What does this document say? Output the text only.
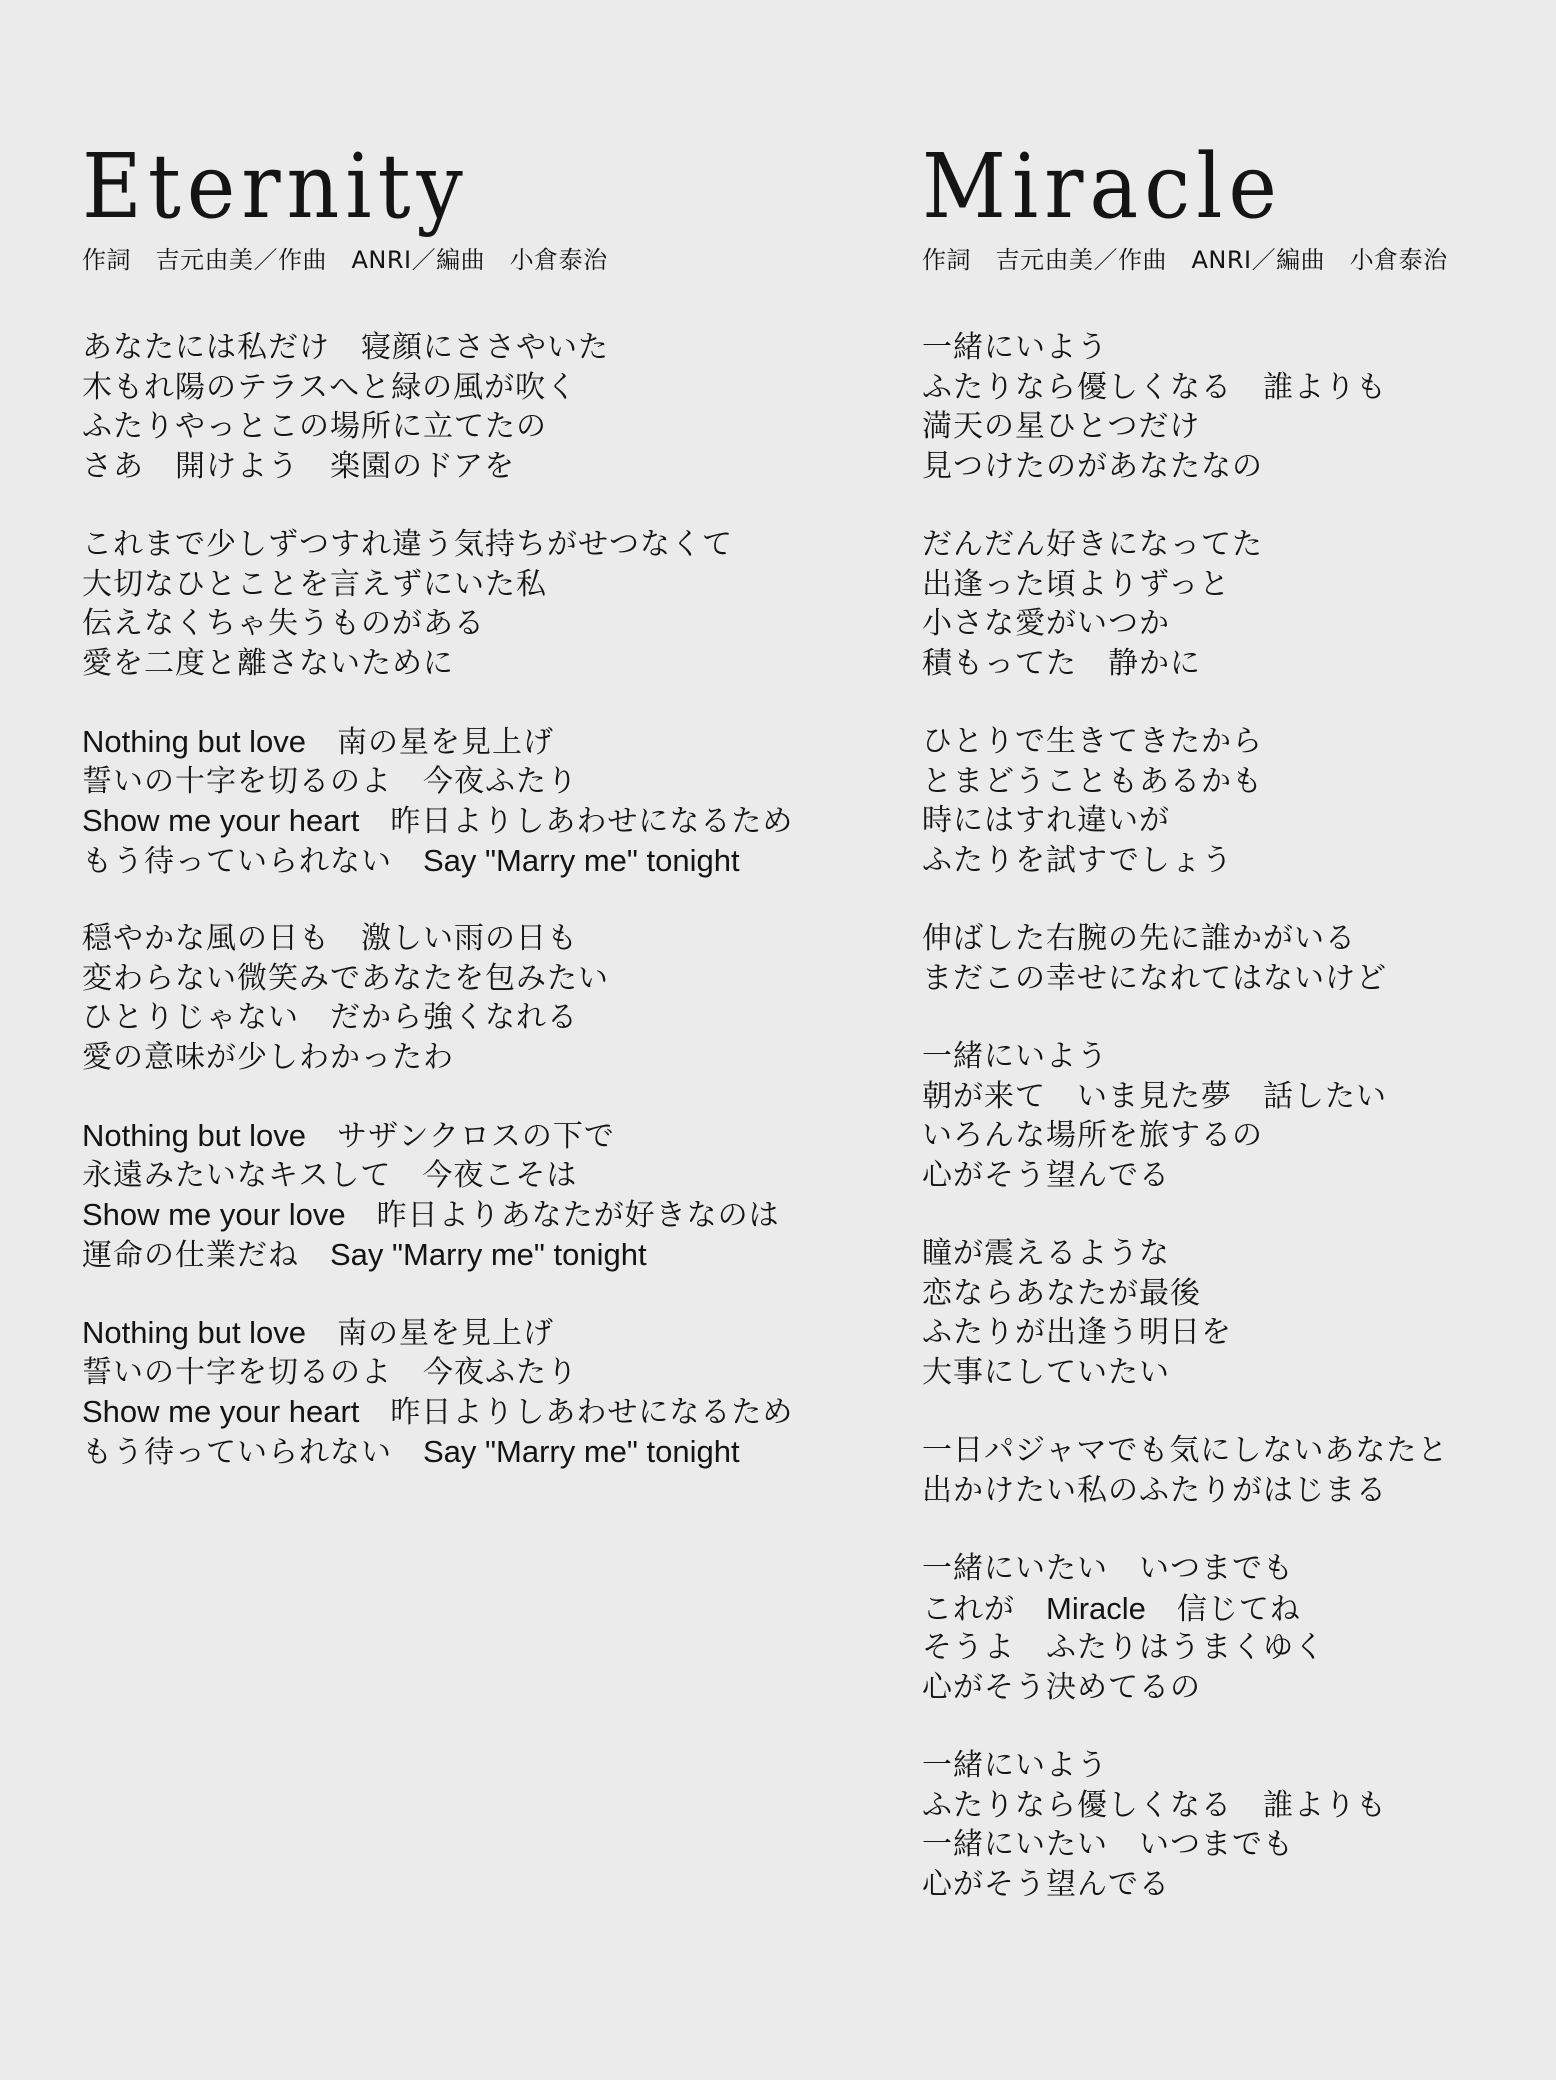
Eternity
作詞　吉元由美／作曲　ANRI／編曲　小倉泰治
あなたには私だけ　寝顔にささやいた
木もれ陽のテラスへと緑の風が吹く
ふたりやっとこの場所に立てたの
さあ　開けよう　楽園のドアを
これまで少しずつすれ違う気持ちがせつなくて
大切なひとことを言えずにいた私
伝えなくちゃ失うものがある
愛を二度と離さないために
Nothing but love　南の星を見上げ
誓いの十字を切るのよ　今夜ふたり
Show me your heart　昨日よりしあわせになるため
もう待っていられない　Say "Marry me" tonight
穏やかな風の日も　激しい雨の日も
変わらない微笑みであなたを包みたい
ひとりじゃない　だから強くなれる
愛の意味が少しわかったわ
Nothing but love　サザンクロスの下で
永遠みたいなキスして　今夜こそは
Show me your love　昨日よりあなたが好きなのは
運命の仕業だね　Say "Marry me" tonight
Nothing but love　南の星を見上げ
誓いの十字を切るのよ　今夜ふたり
Show me your heart　昨日よりしあわせになるため
もう待っていられない　Say "Marry me" tonight
Miracle
作詞　吉元由美／作曲　ANRI／編曲　小倉泰治
一緒にいよう
ふたりなら優しくなる　誰よりも
満天の星ひとつだけ
見つけたのがあなたなの
だんだん好きになってた
出逢った頃よりずっと
小さな愛がいつか
積もってた　静かに
ひとりで生きてきたから
とまどうこともあるかも
時にはすれ違いが
ふたりを試すでしょう
伸ばした右腕の先に誰かがいる
まだこの幸せになれてはないけど
一緒にいよう
朝が来て　いま見た夢　話したい
いろんな場所を旅するの
心がそう望んでる
瞳が震えるような
恋ならあなたが最後
ふたりが出逢う明日を
大事にしていたい
一日パジャマでも気にしないあなたと
出かけたい私のふたりがはじまる
一緒にいたい　いつまでも
これが　Miracle　信じてね
そうよ　ふたりはうまくゆく
心がそう決めてるの
一緒にいよう
ふたりなら優しくなる　誰よりも
一緒にいたい　いつまでも
心がそう望んでる
